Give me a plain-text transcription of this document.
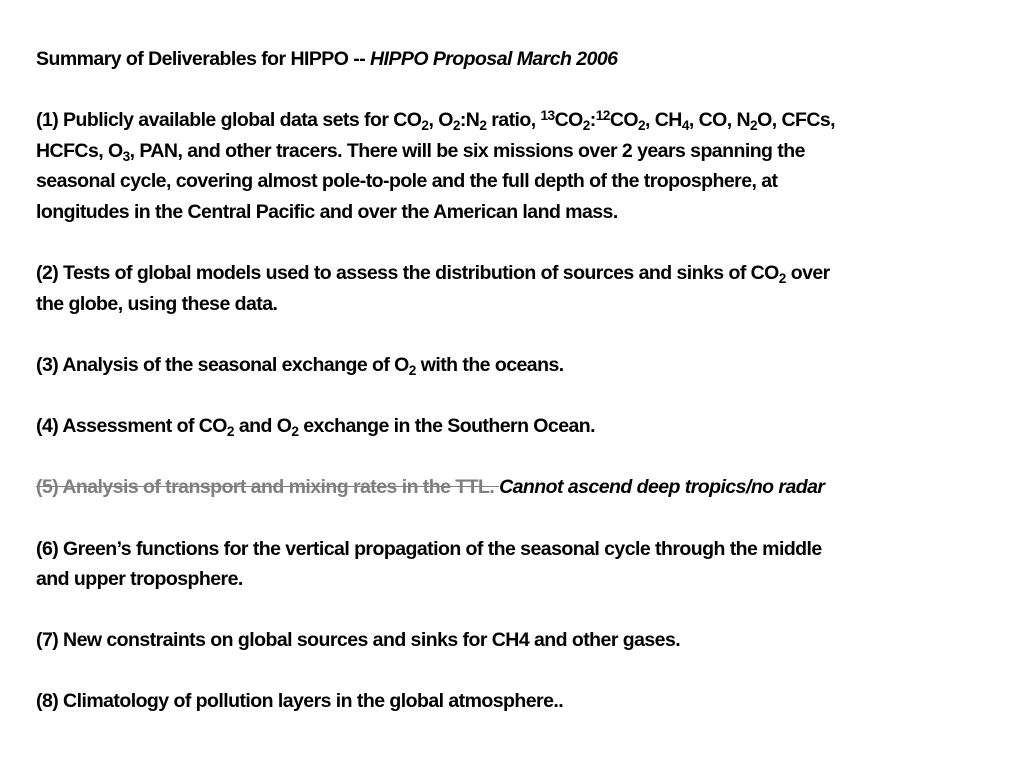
Summary of Deliverables for HIPPO -- HIPPO Proposal March 2006
(1) Publicly available global data sets for $CO_2$, $O_2:N_2$ ratio, $^{13}CO_2:^{12}CO_2$, $CH_4$, CO, $N_2O$, CFCs,
HCFCs, $O_3$, PAN, and other tracers. There will be six missions over 2 years spanning the
seasonal cycle, covering almost pole-to-pole and the full depth of the troposphere, at
longitudes in the Central Pacific and over the American land mass.
(2) Tests of global models used to assess the distribution of sources and sinks of $CO_2$ over
the globe, using these data.
(3) Analysis of the seasonal exchange of $O_2$ with the oceans.
(4) Assessment of $CO_2$ and $O_2$ exchange in the Southern Ocean.
(5) Analysis of transport and mixing rates in the TTL. Cannot ascend deep tropics/no radar
(6) Green’s functions for the vertical propagation of the seasonal cycle through the middle
and upper troposphere.
(7) New constraints on global sources and sinks for CH4 and other gases.
(8) Climatology of pollution layers in the global atmosphere..
